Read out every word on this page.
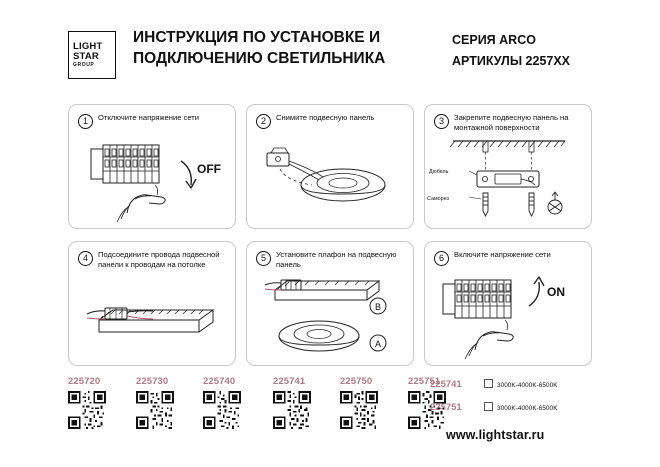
LIGHT
STAR
GROUP
ИНСТРУКЦИЯ ПО УСТАНОВКЕ И
ПОДКЛЮЧЕНИЮ СВЕТИЛЬНИКА
СЕРИЯ ARCO
АРТИКУЛЫ 2257XX
1	Отключите напряжение сети
OFF
2	Снимите подвесную панель	3	Закрепите подвесную панель на монтажной поверхности
Дюбель
Саморез
4	Подсоедините провода подвесной панели к проводам на потолке
5	Установите плафон на подвесную панель
B
A
6	Включите напряжение сети
ON
225720	225730	225740	225741	225750	225751
225741	3000K-4000K-6500K
225751	3000K-4000K-6500K
www.lightstar.ru
